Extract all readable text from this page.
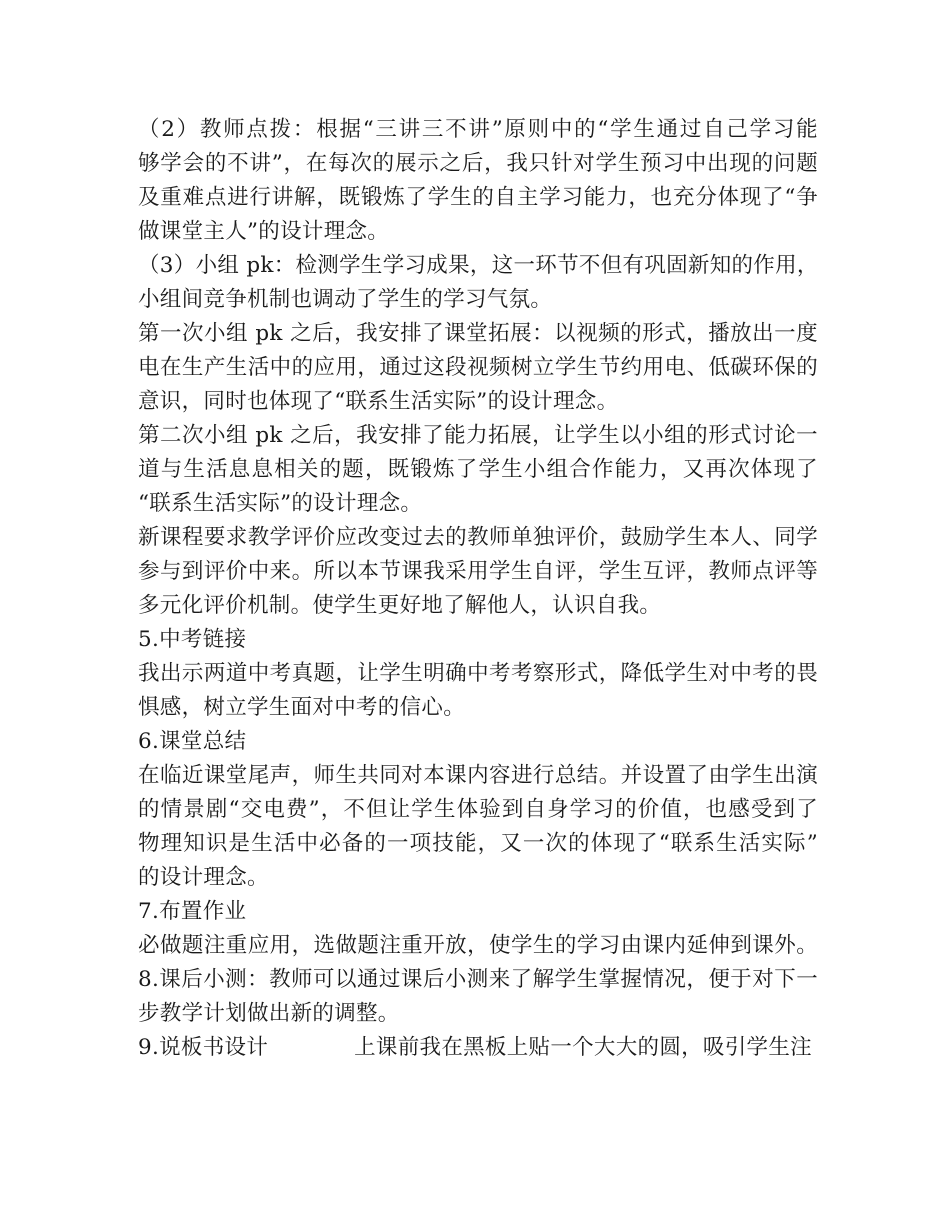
（2）教师点拨：根据“三讲三不讲”原则中的“学生通过自己学习能
够学会的不讲”，在每次的展示之后，我只针对学生预习中出现的问题
及重难点进行讲解，既锻炼了学生的自主学习能力，也充分体现了“争
做课堂主人”的设计理念。
（3）小组 pk：检测学生学习成果，这一环节不但有巩固新知的作用，
小组间竞争机制也调动了学生的学习气氛。
第一次小组 pk 之后，我安排了课堂拓展：以视频的形式，播放出一度
电在生产生活中的应用，通过这段视频树立学生节约用电、低碳环保的
意识，同时也体现了“联系生活实际”的设计理念。
第二次小组 pk 之后，我安排了能力拓展，让学生以小组的形式讨论一
道与生活息息相关的题，既锻炼了学生小组合作能力，又再次体现了
“联系生活实际”的设计理念。
新课程要求教学评价应改变过去的教师单独评价，鼓励学生本人、同学
参与到评价中来。所以本节课我采用学生自评，学生互评，教师点评等
多元化评价机制。使学生更好地了解他人，认识自我。
5.中考链接
我出示两道中考真题，让学生明确中考考察形式，降低学生对中考的畏
惧感，树立学生面对中考的信心。
6.课堂总结
在临近课堂尾声，师生共同对本课内容进行总结。并设置了由学生出演
的情景剧“交电费”，不但让学生体验到自身学习的价值，也感受到了
物理知识是生活中必备的一项技能，又一次的体现了“联系生活实际”
的设计理念。
7.布置作业
必做题注重应用，选做题注重开放，使学生的学习由课内延伸到课外。
8.课后小测：教师可以通过课后小测来了解学生掌握情况，便于对下一
步教学计划做出新的调整。
9.说板书设计	上课前我在黑板上贴一个大大的圆，吸引学生注
